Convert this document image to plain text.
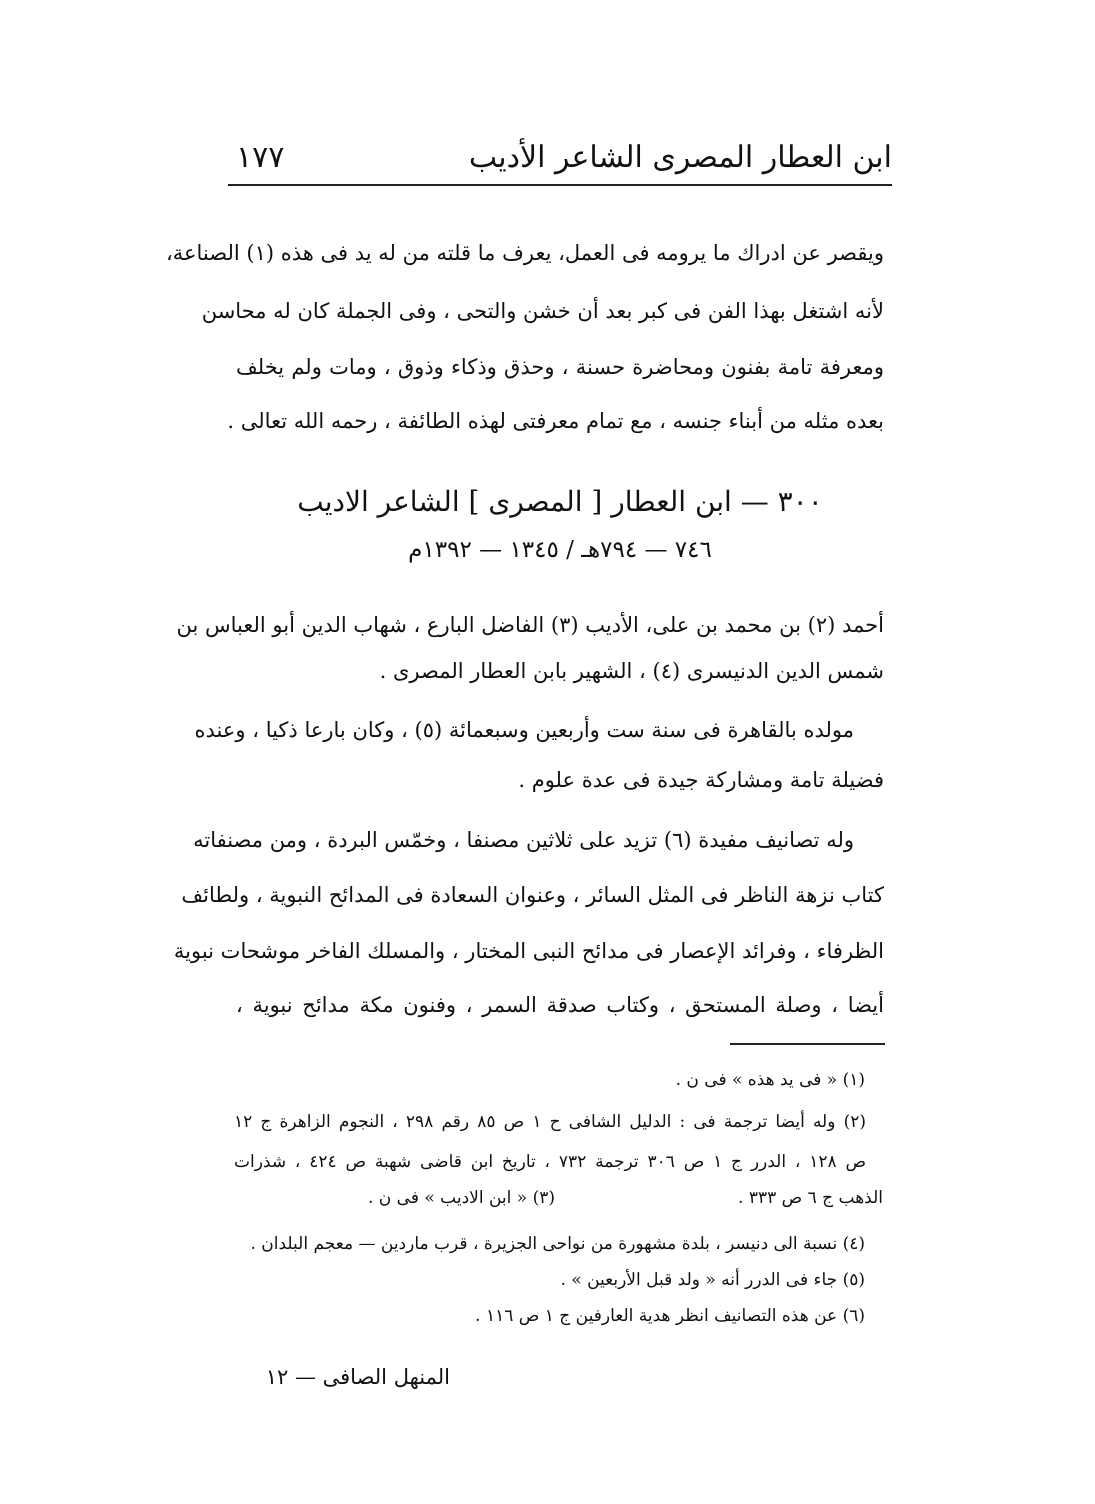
ابن العطار المصرى الشاعر الأديب
١٧٧
ويقصر عن ادراك ما يرومه فى العمل، يعرف ما قلته من له يد فى هذه (١) الصناعة،
لأنه اشتغل بهذا الفن فى كبر بعد أن خشن والتحى ، وفى الجملة كان له محاسن
ومعرفة تامة بفنون ومحاضرة حسنة ، وحذق وذكاء وذوق ، ومات ولم يخلف
بعده مثله من أبناء جنسه ، مع تمام معرفتى لهذه الطائفة ، رحمه الله تعالى .
٣٠٠ — ابن العطار [ المصرى ] الشاعر الاديب
٧٤٦ — ٧٩٤هـ / ١٣٤٥ — ١٣٩٢م
أحمد (٢) بن محمد بن على، الأديب (٣) الفاضل البارع ، شهاب الدين أبو العباس بن
شمس الدين الدنيسرى (٤) ، الشهير بابن العطار المصرى .
مولده بالقاهرة فى سنة ست وأربعين وسبعمائة (٥) ، وكان بارعا ذكيا ، وعنده
فضيلة تامة ومشاركة جيدة فى عدة علوم .
وله تصانيف مفيدة (٦) تزيد على ثلاثين مصنفا ، وخمّس البردة ، ومن مصنفاته
كتاب نزهة الناظر فى المثل السائر ، وعنوان السعادة فى المدائح النبوية ، ولطائف
الظرفاء ، وفرائد الإعصار فى مدائح النبى المختار ، والمسلك الفاخر موشحات نبوية
أيضا ، وصلة المستحق ، وكتاب صدقة السمر ، وفنون مكة مدائح نبوية ،
(١) « فى يد هذه » فى ن .
(٢) وله أيضا ترجمة فى : الدليل الشافى ح ١ ص ٨٥ رقم ٢٩٨ ، النجوم الزاهرة ج ١٢
ص ١٢٨ ، الدرر ج ١ ص ٣٠٦ ترجمة ٧٣٢ ، تاريخ ابن قاضى شهبة ص ٤٢٤ ، شذرات
الذهب ج ٦ ص ٣٣٣ .
(٣) « ابن الاديب » فى ن .
(٤) نسبة الى دنيسر ، بلدة مشهورة من نواحى الجزيرة ، قرب ماردين — معجم البلدان .
(٥) جاء فى الدرر أنه « ولد قبل الأربعين » .
(٦) عن هذه التصانيف انظر هدية العارفين ج ١ ص ١١٦ .
المنهل الصافى — ١٢
